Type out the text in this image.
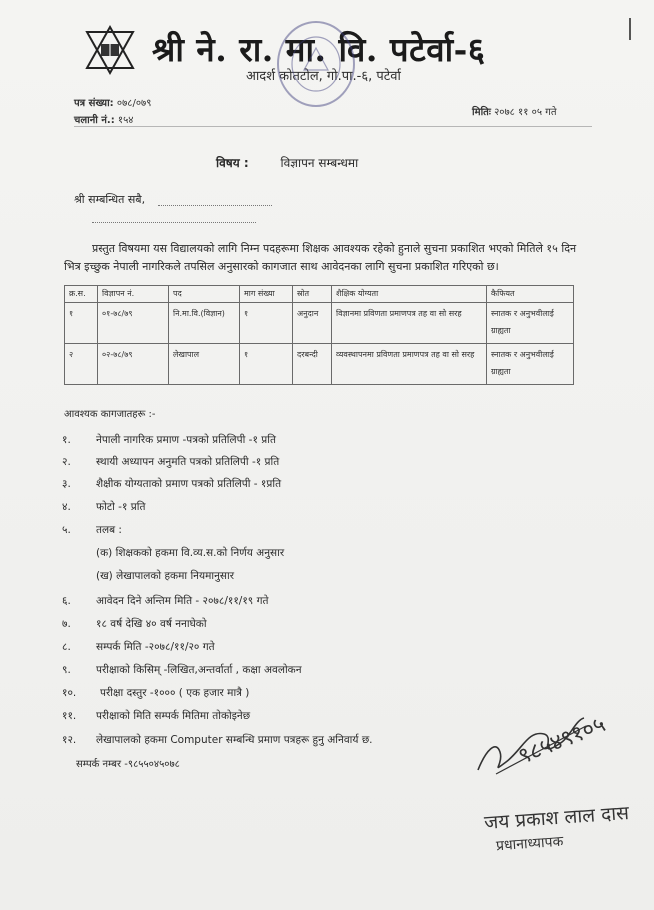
श्री ने. रा. मा. वि. पटेर्वा-६
आदर्श कोतटोल, गो.पा.-६, पटेर्वा
पत्र संख्या: ०७८/०७९
चलानी नं.: १५४
मितिः २०७८ ११ ०५ गते
विषय :	विज्ञापन सम्बन्धमा
श्री सम्बन्धित सबै,
प्रस्तुत विषयमा यस विद्यालयको लागि निम्न पदहरूमा शिक्षक आवश्यक रहेको हुनाले सुचना प्रकाशित भएको मितिले १५ दिन भित्र इच्छुक नेपाली नागरिकले तपसिल अनुसारको कागजात साथ आवेदनका लागि सुचना प्रकाशित गरिएको छ।
क्र.स.	विज्ञापन नं.	पद	माग संख्या	स्रोत	शैक्षिक योग्यता	कैफियत
१	०१-७८/७९	नि.मा.वि.(विज्ञान)	१	अनुदान	विज्ञानमा प्रविणता प्रमाणपत्र तह वा सो सरह	स्नातक र अनुभवीलाई ग्राह्यता
२	०२-७८/७९	लेखापाल	१	दरबन्दी	व्यवस्थापनमा प्रविणता प्रमाणपत्र तह वा सो सरह	स्नातक र अनुभवीलाई ग्राह्यता
आवश्यक कागजातहरू :-
१.	नेपाली नागरिक प्रमाण -पत्रको प्रतिलिपी -१ प्रति
२.	स्थायी अध्यापन अनुमति पत्रको प्रतिलिपी -१ प्रति
३.	शैक्षीक योग्यताको प्रमाण पत्रको प्रतिलिपी - १प्रति
४.	फोटो -१ प्रति
५.	तलब :
(क) शिक्षकको हकमा वि.व्य.स.को निर्णय अनुसार
(ख) लेखापालको हकमा नियमानुसार
६.	आवेदन दिने अन्तिम मिति - २०७८/११/१९ गते
७.	१८ वर्ष देखि ४० वर्ष ननाघेको
८.	सम्पर्क मिति -२०७८/११/२० गते
९.	परीक्षाको किसिम् -लिखित,अन्तर्वार्ता , कक्षा अवलोकन
१०.	परीक्षा दस्तुर -१००० ( एक हजार मात्रै )
११.	परीक्षाको मिति सम्पर्क मितिमा तोकोइनेछ
१२.	लेखापालको हकमा Computer सम्बन्धि प्रमाण पत्रहरू हुनु अनिवार्य छ.
सम्पर्क नम्बर -९८५५०४५०७८	९८५४९१०५
जय प्रकाश लाल दास
प्रधानाध्यापक
